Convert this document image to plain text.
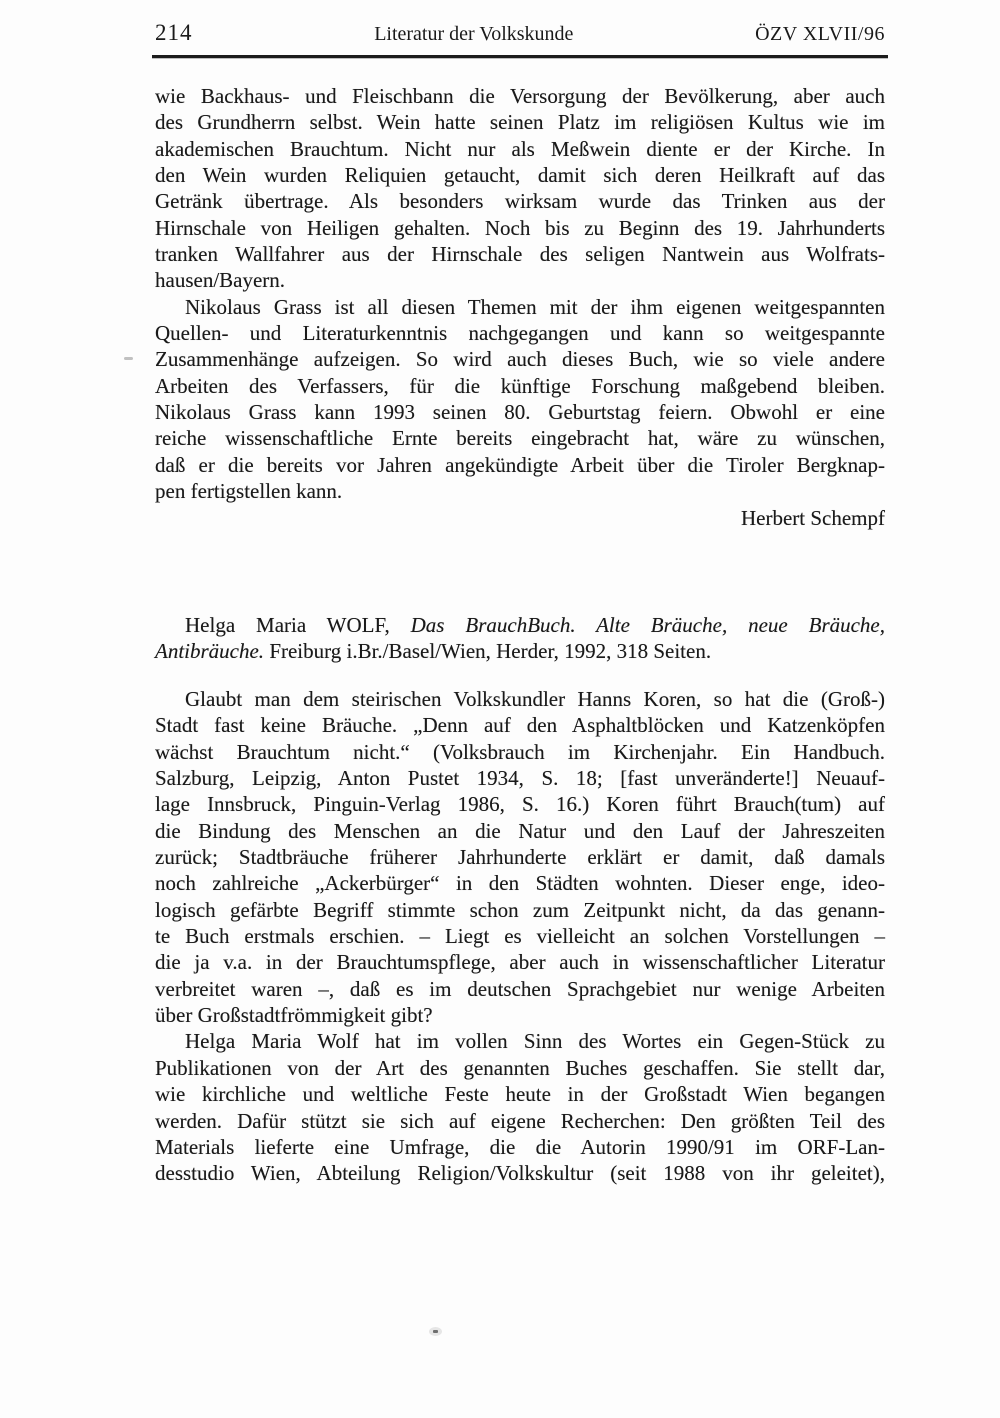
214	Literatur der Volkskunde	ÖZV XLVII/96
wie Backhaus- und Fleischbann die Versorgung der Bevölkerung, aber auch
des Grundherrn selbst. Wein hatte seinen Platz im religiösen Kultus wie im
akademischen Brauchtum. Nicht nur als Meßwein diente er der Kirche. In
den Wein wurden Reliquien getaucht, damit sich deren Heilkraft auf das
Getränk übertrage. Als besonders wirksam wurde das Trinken aus der
Hirnschale von Heiligen gehalten. Noch bis zu Beginn des 19. Jahrhunderts
tranken Wallfahrer aus der Hirnschale des seligen Nantwein aus Wolfrats-
hausen/Bayern.
Nikolaus Grass ist all diesen Themen mit der ihm eigenen weitgespannten
Quellen- und Literaturkenntnis nachgegangen und kann so weitgespannte
Zusammenhänge aufzeigen. So wird auch dieses Buch, wie so viele andere
Arbeiten des Verfassers, für die künftige Forschung maßgebend bleiben.
Nikolaus Grass kann 1993 seinen 80. Geburtstag feiern. Obwohl er eine
reiche wissenschaftliche Ernte bereits eingebracht hat, wäre zu wünschen,
daß er die bereits vor Jahren angekündigte Arbeit über die Tiroler Bergknap-
pen fertigstellen kann.
Herbert Schempf
Helga Maria WOLF, Das BrauchBuch. Alte Bräuche, neue Bräuche,
Antibräuche. Freiburg i.Br./Basel/Wien, Herder, 1992, 318 Seiten.
Glaubt man dem steirischen Volkskundler Hanns Koren, so hat die (Groß-)
Stadt fast keine Bräuche. „Denn auf den Asphaltblöcken und Katzenköpfen
wächst Brauchtum nicht.“ (Volksbrauch im Kirchenjahr. Ein Handbuch.
Salzburg, Leipzig, Anton Pustet 1934, S. 18; [fast unveränderte!] Neuauf-
lage Innsbruck, Pinguin-Verlag 1986, S. 16.) Koren führt Brauch(tum) auf
die Bindung des Menschen an die Natur und den Lauf der Jahreszeiten
zurück; Stadtbräuche früherer Jahrhunderte erklärt er damit, daß damals
noch zahlreiche „Ackerbürger“ in den Städten wohnten. Dieser enge, ideo-
logisch gefärbte Begriff stimmte schon zum Zeitpunkt nicht, da das genann-
te Buch erstmals erschien. – Liegt es vielleicht an solchen Vorstellungen –
die ja v.a. in der Brauchtumspflege, aber auch in wissenschaftlicher Literatur
verbreitet waren –, daß es im deutschen Sprachgebiet nur wenige Arbeiten
über Großstadtfrömmigkeit gibt?
Helga Maria Wolf hat im vollen Sinn des Wortes ein Gegen-Stück zu
Publikationen von der Art des genannten Buches geschaffen. Sie stellt dar,
wie kirchliche und weltliche Feste heute in der Großstadt Wien begangen
werden. Dafür stützt sie sich auf eigene Recherchen: Den größten Teil des
Materials lieferte eine Umfrage, die die Autorin 1990/91 im ORF-Lan-
desstudio Wien, Abteilung Religion/Volkskultur (seit 1988 von ihr geleitet),
